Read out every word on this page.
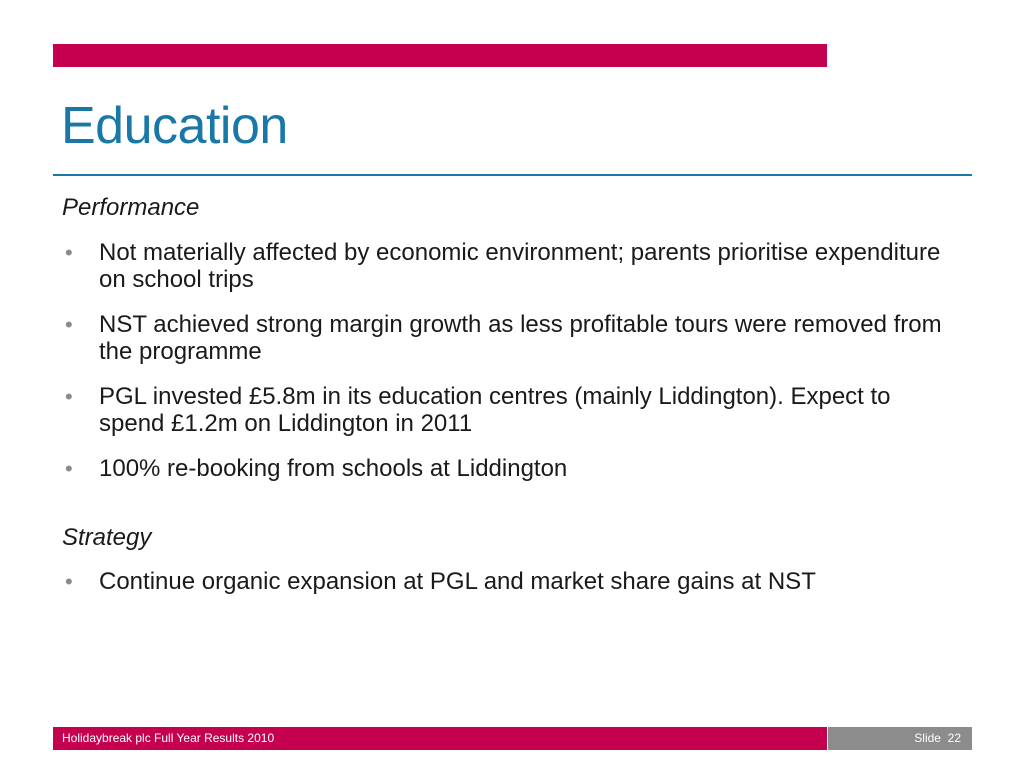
Education

Performance

• Not materially affected by economic environment; parents prioritise expenditure on school trips
• NST achieved strong margin growth as less profitable tours were removed from the programme
• PGL invested £5.8m in its education centres (mainly Liddington). Expect to spend £1.2m on Liddington in 2011
• 100% re-booking from schools at Liddington

Strategy

• Continue organic expansion at PGL and market share gains at NST
Holidaybreak plc Full Year Results 2010	Slide 22
